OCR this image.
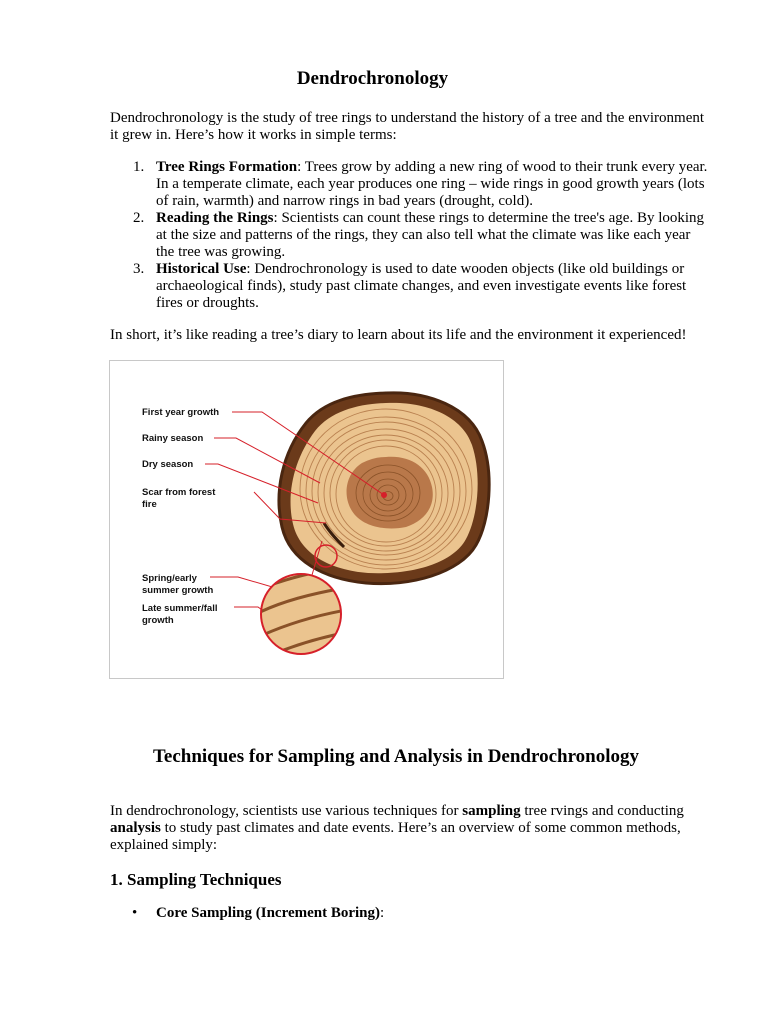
Dendrochronology

Dendrochronology is the study of tree rings to understand the history of a tree and the environment it grew in. Here’s how it works in simple terms:

1. Tree Rings Formation: Trees grow by adding a new ring of wood to their trunk every year. In a temperate climate, each year produces one ring – wide rings in good growth years (lots of rain, warmth) and narrow rings in bad years (drought, cold).
2. Reading the Rings: Scientists can count these rings to determine the tree's age. By looking at the size and patterns of the rings, they can also tell what the climate was like each year the tree was growing.
3. Historical Use: Dendrochronology is used to date wooden objects (like old buildings or archaeological finds), study past climate changes, and even investigate events like forest fires or droughts.

In short, it’s like reading a tree’s diary to learn about its life and the environment it experienced!

First year growth
Rainy season
Dry season
Scar from forest
fire
Spring/early
summer growth
Late summer/fall
growth
Techniques for Sampling and Analysis in Dendrochronology

In dendrochronology, scientists use various techniques for sampling tree rvings and conducting analysis to study past climates and date events. Here’s an overview of some common methods, explained simply:

1. Sampling Techniques
• Core Sampling (Increment Boring):
